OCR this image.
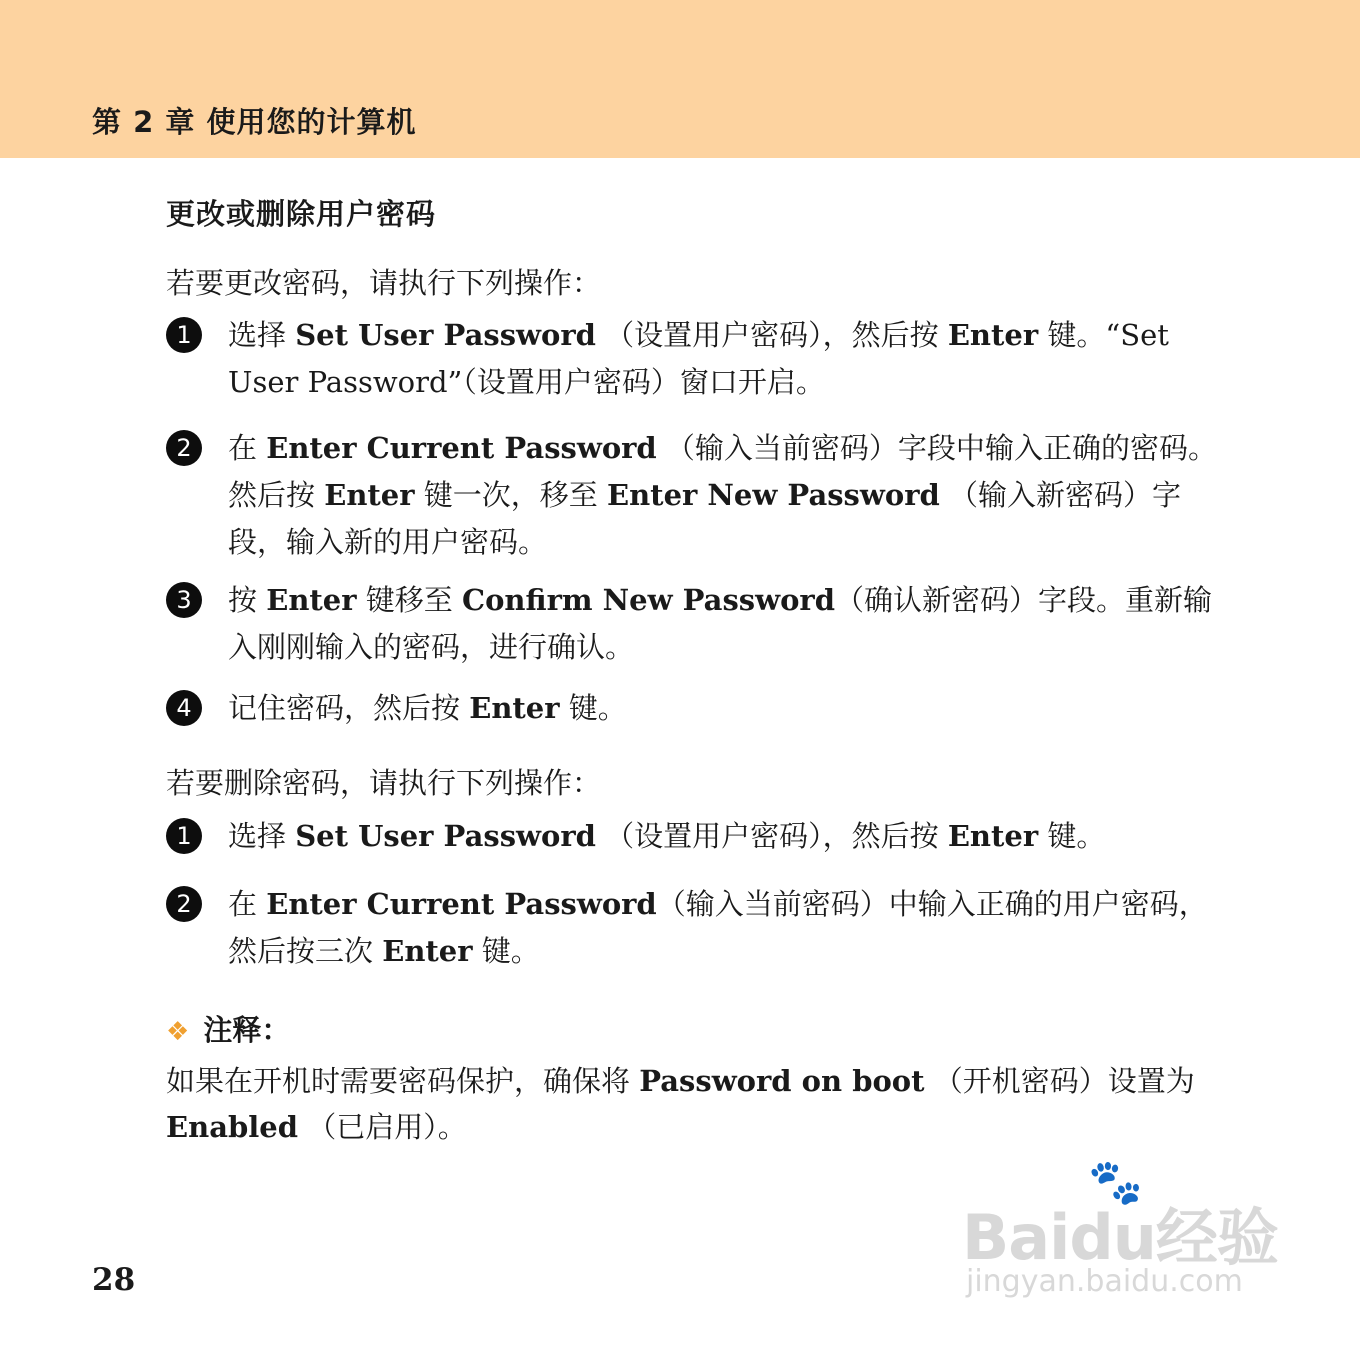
第 2 章 使用您的计算机
更改或删除用户密码
若要更改密码，请执行下列操作：
1	选择 Set User Password （设置用户密码），然后按 Enter 键。“Set User Password”（设置用户密码）窗口开启。
2	在 Enter Current Password （输入当前密码）字段中输入正确的密码。然后按 Enter 键一次，移至 Enter New Password （输入新密码）字段，输入新的用户密码。
3	按 Enter 键移至 Confirm New Password（确认新密码）字段。重新输入刚刚输入的密码，进行确认。
4	记住密码，然后按 Enter 键。
若要删除密码，请执行下列操作：
1	选择 Set User Password （设置用户密码），然后按 Enter 键。
2	在 Enter Current Password（输入当前密码）中输入正确的用户密码，然后按三次 Enter 键。
❖ 注释：
如果在开机时需要密码保护，确保将 Password on boot （开机密码）设置为 Enabled （已启用）。
28
🐾
Baidu经验
jingyan.baidu.com
